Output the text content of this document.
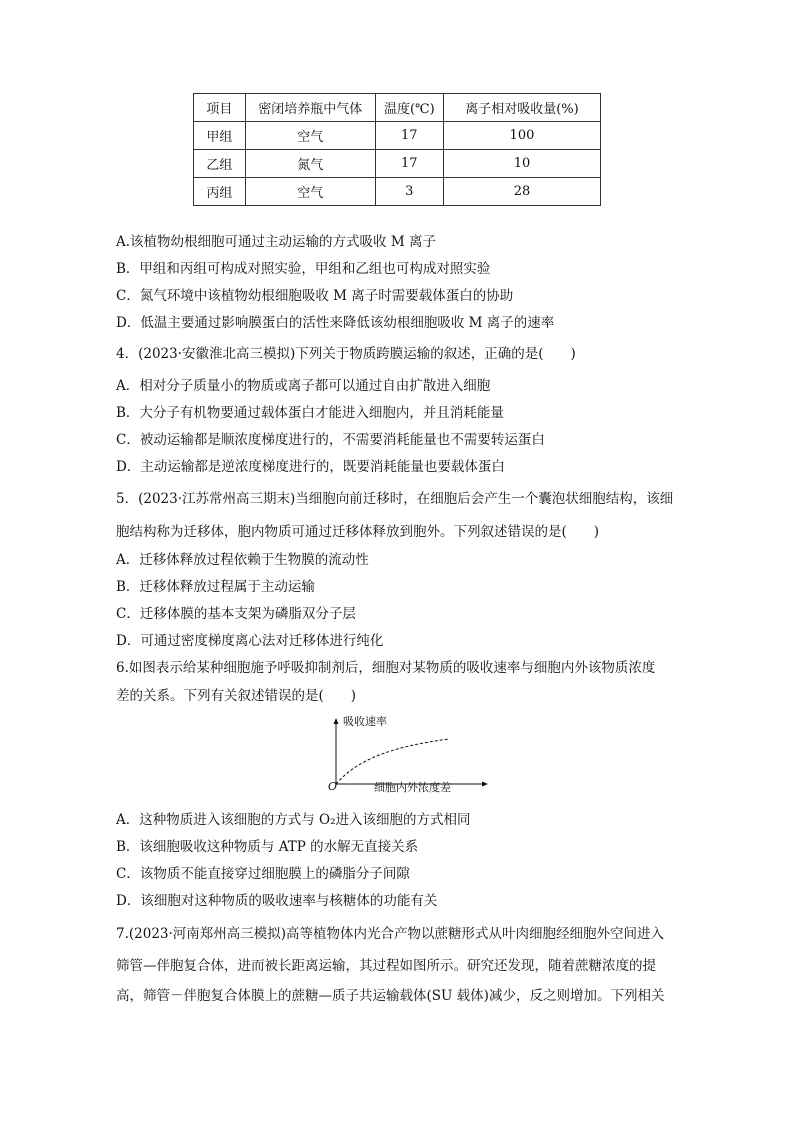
项目	密闭培养瓶中气体	温度(℃)	离子相对吸收量(%)
甲组	空气	17	100
乙组	氮气	17	10
丙组	空气	3	28
A.该植物幼根细胞可通过主动运输的方式吸收 M 离子
B．甲组和丙组可构成对照实验，甲组和乙组也可构成对照实验
C．氮气环境中该植物幼根细胞吸收 M 离子时需要载体蛋白的协助
D．低温主要通过影响膜蛋白的活性来降低该幼根细胞吸收 M 离子的速率
4．(2023·安徽淮北高三模拟)下列关于物质跨膜运输的叙述，正确的是(　　)
A．相对分子质量小的物质或离子都可以通过自由扩散进入细胞
B．大分子有机物要通过载体蛋白才能进入细胞内，并且消耗能量
C．被动运输都是顺浓度梯度进行的，不需要消耗能量也不需要转运蛋白
D．主动运输都是逆浓度梯度进行的，既要消耗能量也要载体蛋白
5．(2023·江苏常州高三期末)当细胞向前迁移时，在细胞后会产生一个囊泡状细胞结构，该细
胞结构称为迁移体，胞内物质可通过迁移体释放到胞外。下列叙述错误的是(　　)
A．迁移体释放过程依赖于生物膜的流动性
B．迁移体释放过程属于主动运输
C．迁移体膜的基本支架为磷脂双分子层
D．可通过密度梯度离心法对迁移体进行纯化
6.如图表示给某种细胞施予呼吸抑制剂后，细胞对某物质的吸收速率与细胞内外该物质浓度
差的关系。下列有关叙述错误的是(　　)
吸收速率
细胞内外浓度差
O
A．这种物质进入该细胞的方式与 O₂进入该细胞的方式相同
B．该细胞吸收这种物质与 ATP 的水解无直接关系
C．该物质不能直接穿过细胞膜上的磷脂分子间隙
D．该细胞对这种物质的吸收速率与核糖体的功能有关
7.(2023·河南郑州高三模拟)高等植物体内光合产物以蔗糖形式从叶肉细胞经细胞外空间进入
筛管—伴胞复合体，进而被长距离运输，其过程如图所示。研究还发现，随着蔗糖浓度的提
高，筛管－伴胞复合体膜上的蔗糖—质子共运输载体(SU 载体)减少，反之则增加。下列相关
